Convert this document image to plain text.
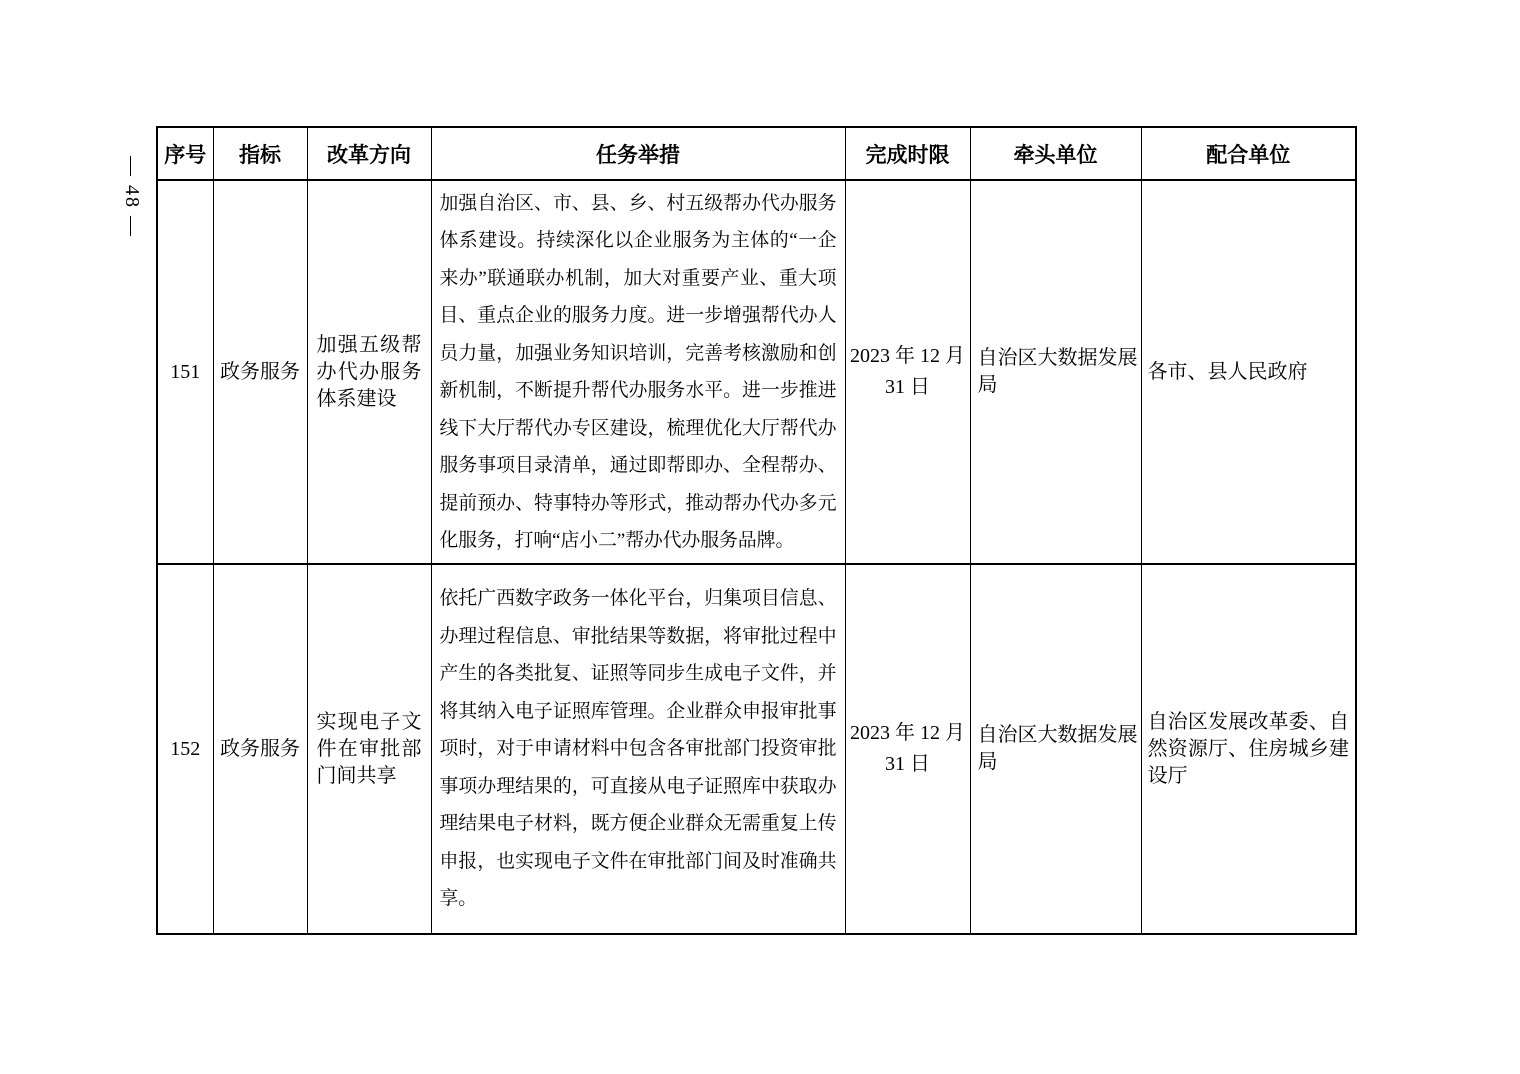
— 48 —
序号	指标	改革方向	任务举措	完成时限	牵头单位	配合单位
151	政务服务	加强五级帮办代办服务体系建设	加强自治区、市、县、乡、村五级帮办代办服务体系建设。持续深化以企业服务为主体的“一企来办”联通联办机制，加大对重要产业、重大项目、重点企业的服务力度。进一步增强帮代办人员力量，加强业务知识培训，完善考核激励和创新机制，不断提升帮代办服务水平。进一步推进线下大厅帮代办专区建设，梳理优化大厅帮代办服务事项目录清单，通过即帮即办、全程帮办、提前预办、特事特办等形式，推动帮办代办多元化服务，打响“店小二”帮办代办服务品牌。	2023 年 12 月 31 日	自治区大数据发展局	各市、县人民政府
152	政务服务	实现电子文件在审批部门间共享	依托广西数字政务一体化平台，归集项目信息、办理过程信息、审批结果等数据，将审批过程中产生的各类批复、证照等同步生成电子文件，并将其纳入电子证照库管理。企业群众申报审批事项时，对于申请材料中包含各审批部门投资审批事项办理结果的，可直接从电子证照库中获取办理结果电子材料，既方便企业群众无需重复上传申报，也实现电子文件在审批部门间及时准确共享。	2023 年 12 月 31 日	自治区大数据发展局	自治区发展改革委、自然资源厅、住房城乡建设厅
